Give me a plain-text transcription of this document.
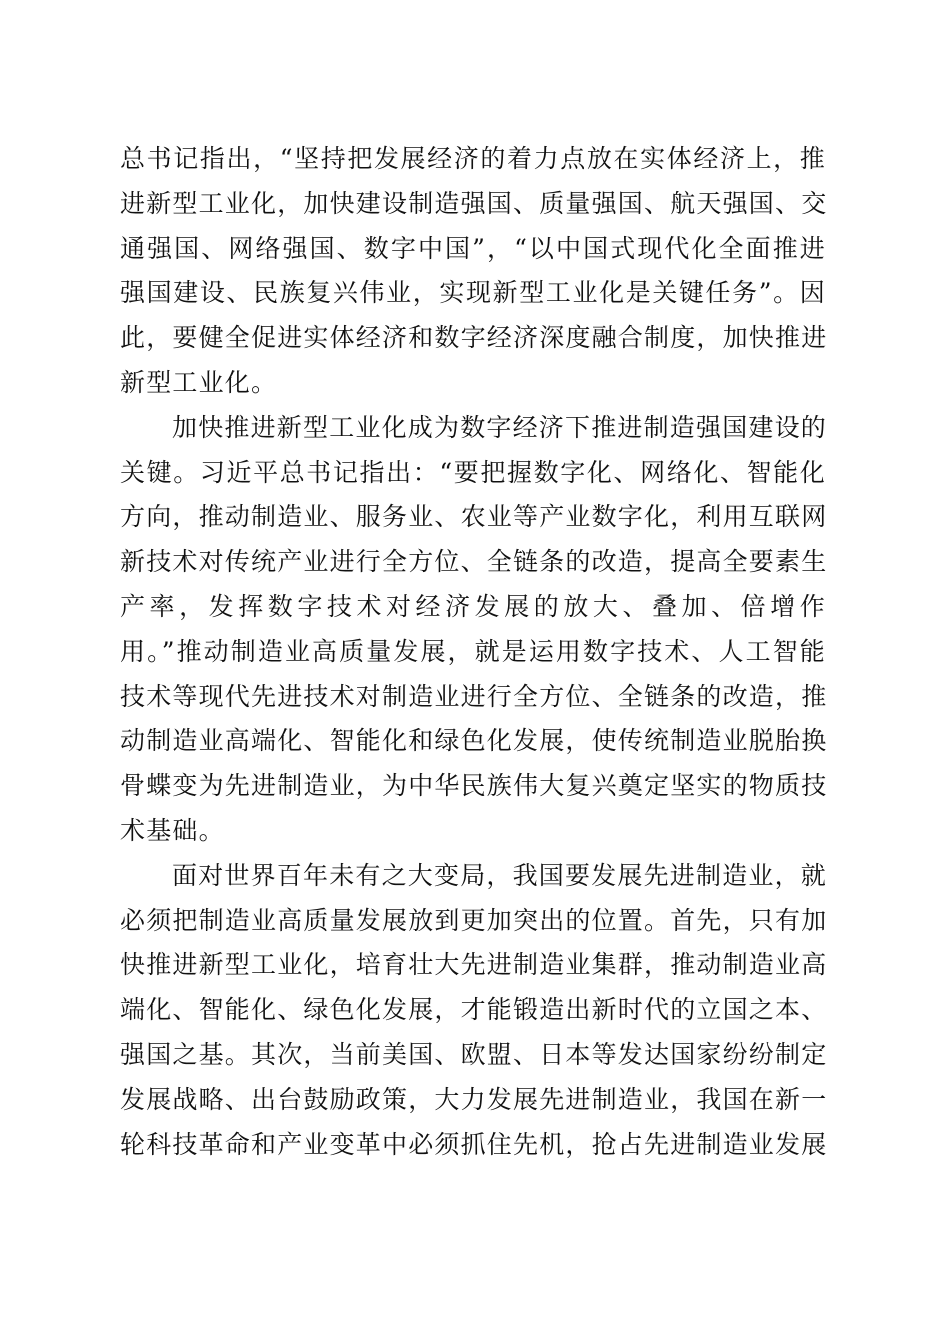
总书记指出，“坚持把发展经济的着力点放在实体经济上，推
进新型工业化，加快建设制造强国、质量强国、航天强国、交
通强国、网络强国、数字中国”，“以中国式现代化全面推进
强国建设、民族复兴伟业，实现新型工业化是关键任务”。因
此，要健全促进实体经济和数字经济深度融合制度，加快推进
新型工业化。
加快推进新型工业化成为数字经济下推进制造强国建设的
关键。习近平总书记指出：“要把握数字化、网络化、智能化
方向，推动制造业、服务业、农业等产业数字化，利用互联网
新技术对传统产业进行全方位、全链条的改造，提高全要素生
产率，发挥数字技术对经济发展的放大、叠加、倍增作
用。”推动制造业高质量发展，就是运用数字技术、人工智能
技术等现代先进技术对制造业进行全方位、全链条的改造，推
动制造业高端化、智能化和绿色化发展，使传统制造业脱胎换
骨蝶变为先进制造业，为中华民族伟大复兴奠定坚实的物质技
术基础。
面对世界百年未有之大变局，我国要发展先进制造业，就
必须把制造业高质量发展放到更加突出的位置。首先，只有加
快推进新型工业化，培育壮大先进制造业集群，推动制造业高
端化、智能化、绿色化发展，才能锻造出新时代的立国之本、
强国之基。其次，当前美国、欧盟、日本等发达国家纷纷制定
发展战略、出台鼓励政策，大力发展先进制造业，我国在新一
轮科技革命和产业变革中必须抓住先机，抢占先进制造业发展
